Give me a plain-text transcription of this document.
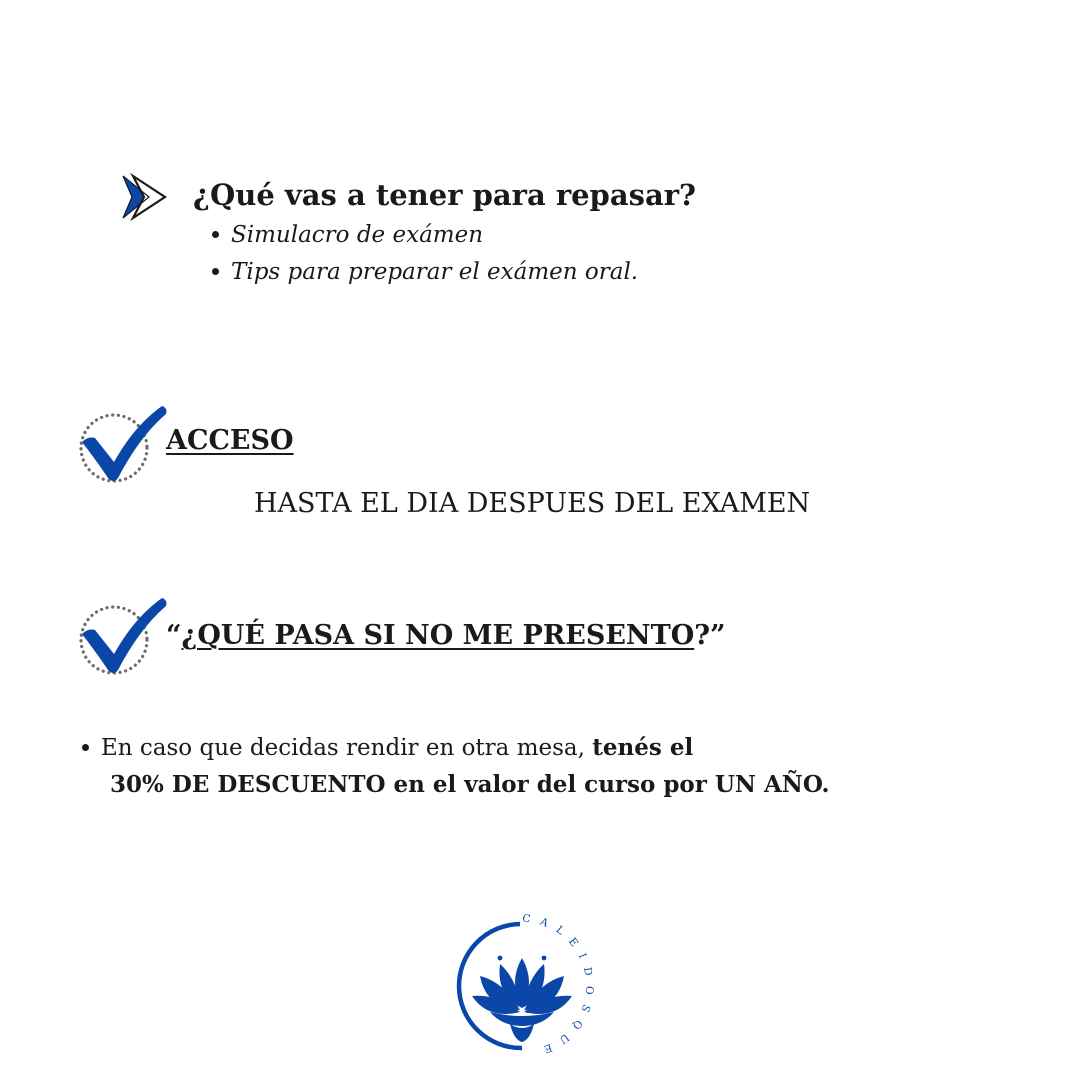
¿Qué vas a tener para repasar?
Simulacro de exámen
Tips para preparar el exámen oral.
ACCESO
HASTA EL DIA DESPUES DEL EXAMEN
“¿QUÉ PASA SI NO ME PRESENTO?”
En caso que decidas rendir en otra mesa, tenés el
30% DE DESCUENTO en el valor del curso por UN AÑO.
CALEIDOSQUE
